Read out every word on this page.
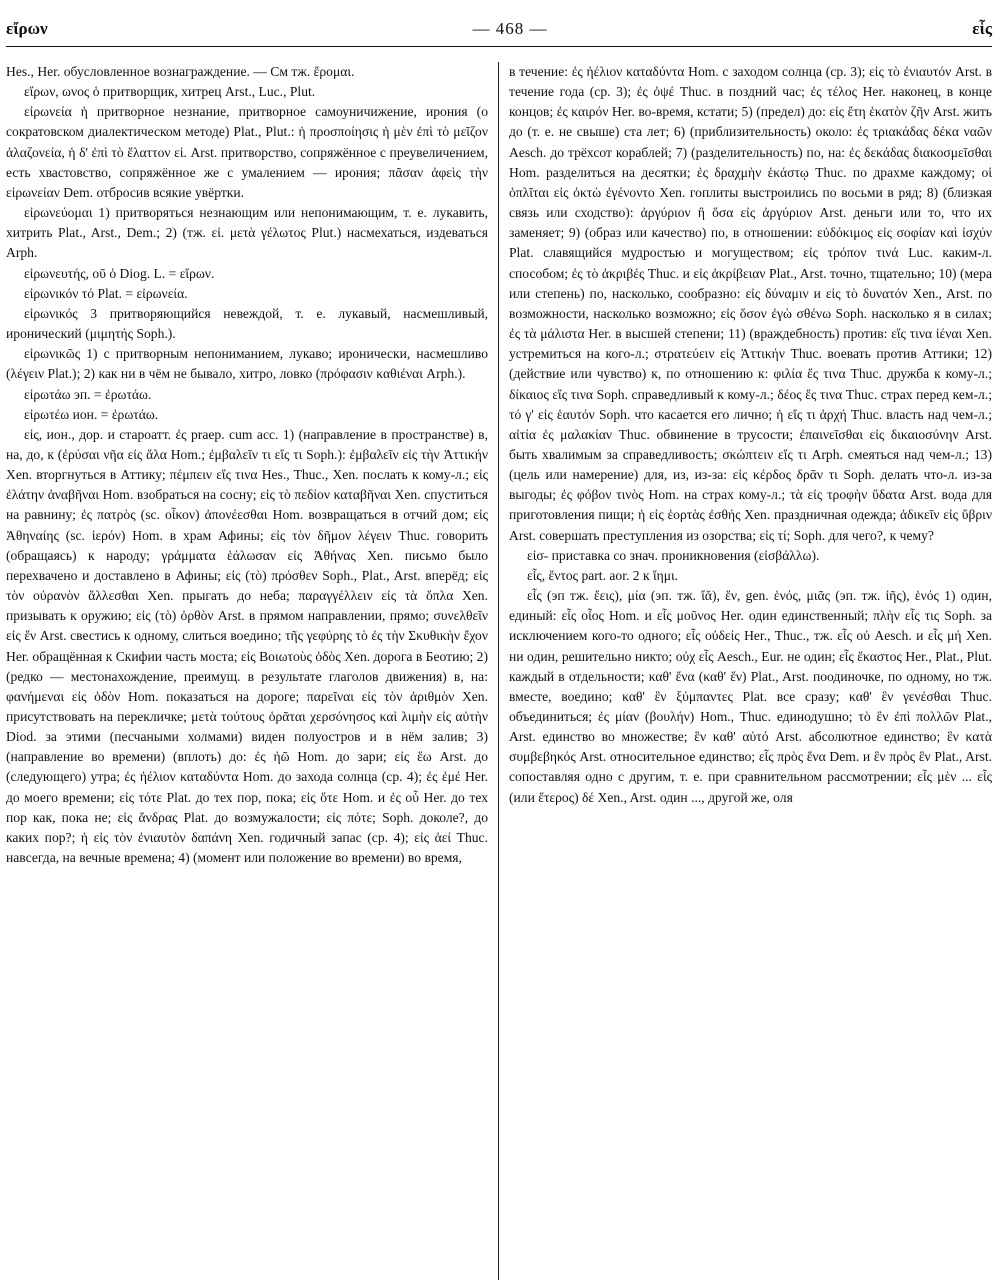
εἴρων	— 468 —	εἷς

Hes., Her. обусловленное вознаграждение. — См тж. ἔρομαι.

εἴρων, ωνος ὁ притворщик, хитрец Arst., Luc., Plut.

εἰρωνεία ἡ притворное незнание, притворное самоуничижение, ирония (о сократовском диалектическом методе) Plat., Plut.: ἡ προσποίησις ἡ μὲν ἐπὶ τὸ μεῖζον ἀλαζονεία, ἡ δ' ἐπὶ τὸ ἔλαττον εἰ. Arst. притворство, сопряжённое с преувеличением, есть хвастовство, сопряжённое же с умалением — ирония; πᾶσαν ἀφεὶς τὴν εἰρωνείαν Dem. отбросив всякие увёртки.

εἰρωνεύομαι 1) притворяться незнающим или непонимающим, т. е. лукавить, хитрить Plat., Arst., Dem.; 2) (тж. εἰ. μετὰ γέλωτος Plut.) насмехаться, издеваться Arph.

εἰρωνευτής, οῦ ὁ Diog. L. = εἴρων.

εἰρωνικόν τό Plat. = εἰρωνεία.

εἰρωνικός 3 притворяющийся невеждой, т. е. лукавый, насмешливый, иронический (μιμητής Soph.).

εἰρωνικῶς 1) с притворным непониманием, лукаво; иронически, насмешливо (λέγειν Plat.); 2) как ни в чём не бывало, хитро, ловко (πρόφασιν καθιέναι Arph.).

εἰρωτάω эп. = ἐρωτάω.

εἰρωτέω ион. = ἐρωτάω.

εἰς, ион., дор. и староатт. ἐς praep. cum acc. 1) (направление в пространстве) в, на, до, к (ἐρύσαι νῆα εἰς ἅλα Hom.; ἐμβαλεῖν τι εἴς τι Soph.): ἐμβαλεῖν εἰς τὴν Ἀττικήν Xen. вторгнуться в Аттику; πέμπειν εἴς τινα Hes., Thuc., Xen. послать к кому-л.; εἰς ἐλάτην ἀναβῆναι Hom. взобраться на сосну; εἰς τὸ πεδίον καταβῆναι Xen. спуститься на равнину; ἐς πατρὸς (sc. οἶκον) ἀπονέεσθαι Hom. возвращаться в отчий дом; εἰς Ἀθηναίης (sc. ἱερόν) Hom. в храм Афины; εἰς τὸν δῆμον λέγειν Thuc. говорить (обращаясь) к народу; γράμματα ἑάλωσαν εἰς Ἀθήνας Xen. письмо было перехвачено и доставлено в Афины; εἰς (τὸ) πρόσθεν Soph., Plat., Arst. вперёд; εἰς τὸν οὐρανὸν ἅλλεσθαι Xen. прыгать до неба; παραγγέλλειν εἰς τὰ ὅπλα Xen. призывать к оружию; εἰς (τὸ) ὀρθὸν Arst. в прямом направлении, прямо; συνελθεῖν εἰς ἕν Arst. свестись к одному, слиться воедино; τῆς γεφύρης τὸ ἐς τὴν Σκυθικὴν ἔχον Her. обращённая к Скифии часть моста; εἰς Βοιωτοὺς ὁδὸς Xen. дорога в Беотию; 2) (редко — местонахождение, преимущ. в результате глаголов движения) в, на: φανήμεναι εἰς ὁδὸν Hom. показаться на дороге; παρεῖναι εἰς τὸν ἀριθμὸν Xen. присутствовать на перекличке; μετὰ τούτους ὁρᾶται χερσόνησος καὶ λιμὴν εἰς αὐτὴν Diod. за этими (песчаными холмами) виден полуостров и в нём залив; 3) (направление во времени) (вплоть) до: ἐς ἠῶ Hom. до зари; εἰς ἕω Arst. до (следующего) утра; ἐς ἠέλιον καταδύντα Hom. до захода солнца (ср. 4); ἐς ἐμέ Her. до моего времени; εἰς τότε Plat. до тех пор, пока; εἰς ὅτε Hom. и ἐς οὗ Her. до тех пор как, пока не; εἰς ἄνδρας Plat. до возмужалости; εἰς πότε; Soph. доколе?, до каких пор?; ἡ εἰς τὸν ἐνιαυτὸν δαπάνη Xen. годичный запас (ср. 4); εἰς ἀεί Thuc. навсегда, на вечные времена; 4) (момент или положение во времени) во время,

в течение: ἐς ἠέλιον καταδύντα Hom. с заходом солнца (ср. 3); εἰς τὸ ἐνιαυτόν Arst. в течение года (ср. 3); ἐς ὀψέ Thuc. в поздний час; ἐς τέλος Her. наконец, в конце концов; ἐς καιρόν Her. во-время, кстати; 5) (предел) до: εἰς ἔτη ἑκατὸν ζῆν Arst. жить до (т. е. не свыше) ста лет; 6) (приблизительность) около: ἐς τριακάδας δέκα ναῶν Aesch. до трёхсот кораблей; 7) (разделительность) по, на: ἐς δεκάδας διακοσμεῖσθαι Hom. разделиться на десятки; ἐς δραχμὴν ἑκάστῳ Thuc. по драхме каждому; οἱ ὁπλῖται εἰς ὀκτὼ ἐγένοντο Xen. гоплиты выстроились по восьми в ряд; 8) (близкая связь или сходство): ἀργύριον ἢ ὅσα εἰς ἀργύριον Arst. деньги или то, что их заменяет; 9) (образ или качество) по, в отношении: εὐδόκιμος εἰς σοφίαν καὶ ἰσχύν Plat. славящийся мудростью и могуществом; εἰς τρόπον τινά Luc. каким-л. способом; ἐς τὸ ἀκριβές Thuc. и εἰς ἀκρίβειαν Plat., Arst. точно, тщательно; 10) (мера или степень) по, насколько, сообразно: εἰς δύναμιν и εἰς τὸ δυνατόν Xen., Arst. по возможности, насколько возможно; εἰς ὅσον ἐγὼ σθένω Soph. насколько я в силах; ἐς τὰ μάλιστα Her. в высшей степени; 11) (враждебность) против: εἴς τινα ἰέναι Xen. устремиться на кого-л.; στρατεύειν εἰς Ἀττικήν Thuc. воевать против Аттики; 12) (действие или чувство) к, по отношению к: φιλία ἔς τινα Thuc. дружба к кому-л.; δίκαιος εἴς τινα Soph. справедливый к кому-л.; δέος ἔς τινα Thuc. страх перед кем-л.; τό γ' εἰς ἑαυτόν Soph. что касается его лично; ἡ εἴς τι ἀρχή Thuc. власть над чем-л.; αἰτία ἐς μαλακίαν Thuc. обвинение в трусости; ἐπαινεῖσθαι εἰς δικαιοσύνην Arst. быть хвалимым за справедливость; σκώπτειν εἴς τι Arph. смеяться над чем-л.; 13) (цель или намерение) для, из, из-за: εἰς κέρδος δρᾶν τι Soph. делать что-л. из-за выгоды; ἐς φόβον τινὸς Hom. на страх кому-л.; τὰ εἰς τροφὴν ὕδατα Arst. вода для приготовления пищи; ἡ εἰς ἑορτὰς ἐσθής Xen. праздничная одежда; ἀδικεῖν εἰς ὕβριν Arst. совершать преступления из озорства; εἰς τί; Soph. для чего?, к чему?

εἰσ- приставка со знач. проникновения (εἰσβάλλω).

εἷς, ἕντος part. aor. 2 к ἵημι.

εἷς (эп тж. ἔεις), μία (эп. тж. ἴᾰ), ἕν, gen. ἑνός, μιᾶς (эп. тж. ἰῆς), ἑνός 1) один, единый: εἷς οἶος Hom. и εἷς μοῦνος Her. один единственный; πλὴν εἷς τις Soph. за исключением кого-то одного; εἷς οὐδείς Her., Thuc., тж. εἷς οὐ Aesch. и εἷς μή Xen. ни один, решительно никто; οὐχ εἷς Aesch., Eur. не один; εἷς ἕκαστος Her., Plat., Plut. каждый в отдельности; καθ' ἕνα (καθ' ἕν) Plat., Arst. поодиночке, по одному, но тж. вместе, воедино; καθ' ἓν ξύμπαντες Plat. все сразу; καθ' ἓν γενέσθαι Thuc. объединиться; ἐς μίαν (βουλήν) Hom., Thuc. единодушно; τὸ ἓν ἐπὶ πολλῶν Plat., Arst. единство во множестве; ἓν καθ' αὑτό Arst. абсолютное единство; ἓν κατὰ συμβεβηκός Arst. относительное единство; εἷς πρὸς ἕνα Dem. и ἓν πρὸς ἓν Plat., Arst. сопоставляя одно с другим, т. е. при сравнительном рассмотрении; εἷς μὲν ... εἷς (или ἕτερος) δέ Xen., Arst. один ..., другой же, оля
